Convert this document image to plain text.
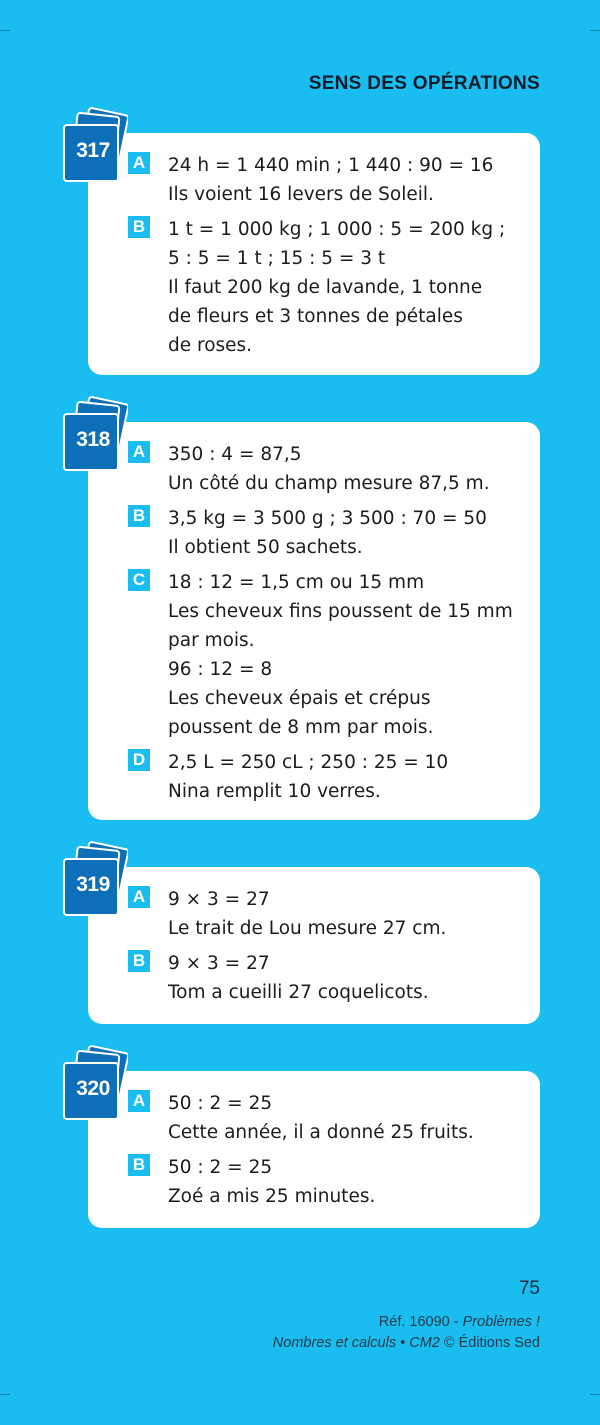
SENS DES OPÉRATIONS
A 24 h = 1 440 min ; 1 440 : 90 = 16
Ils voient 16 levers de Soleil.
B 1 t = 1 000 kg ; 1 000 : 5 = 200 kg ;
5 : 5 = 1 t ; 15 : 5 = 3 t
Il faut 200 kg de lavande, 1 tonne
de fleurs et 3 tonnes de pétales
de roses.
317
A 350 : 4 = 87,5
Un côté du champ mesure 87,5 m.
B 3,5 kg = 3 500 g ; 3 500 : 70 = 50
Il obtient 50 sachets.
C 18 : 12 = 1,5 cm ou 15 mm
Les cheveux fins poussent de 15 mm
par mois.
96 : 12 = 8
Les cheveux épais et crépus
poussent de 8 mm par mois.
D 2,5 L = 250 cL ; 250 : 25 = 10
Nina remplit 10 verres.
318
A 9 × 3 = 27
Le trait de Lou mesure 27 cm.
B 9 × 3 = 27
Tom a cueilli 27 coquelicots.
319
A 50 : 2 = 25
Cette année, il a donné 25 fruits.
B 50 : 2 = 25
Zoé a mis 25 minutes.
320
75
Réf. 16090 - Problèmes !
Nombres et calculs • CM2 © Éditions Sed
